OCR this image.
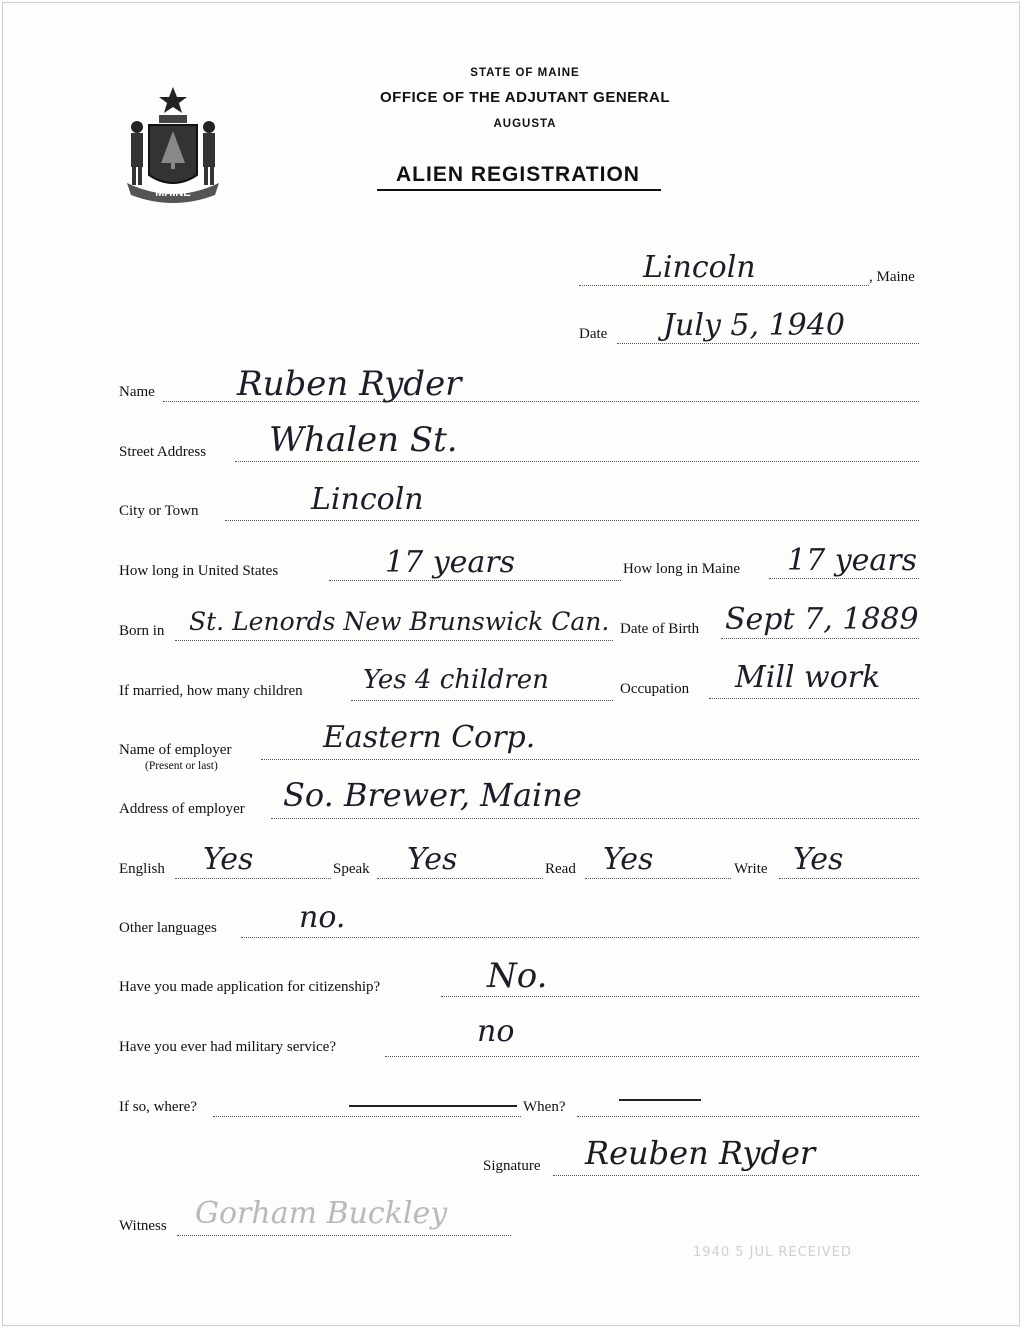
MAINE
STATE OF MAINE
OFFICE OF THE ADJUTANT GENERAL
AUGUSTA
ALIEN REGISTRATION
Lincoln	, Maine
Date July 5, 1940
Name Ruben Ryder
Street Address Whalen St.
City or Town	Lincoln
How long in United States	17 years	How long in Maine 17 years
Born in St. Lenords New Brunswick Can. Date of Birth Sept 7, 1889
If married, how many children Yes 4 children	Occupation Mill work
Name of employer
(Present or last)
Eastern Corp.
Address of employer So. Brewer, Maine
English Yes	Speak Yes	Read Yes	Write Yes
Other languages	no.
Have you made application for citizenship?	No.
Have you ever had military service?	no
If so, where?	When?
Signature Reuben Ryder
Witness Gorham Buckley
1940 5 JUL RECEIVED
